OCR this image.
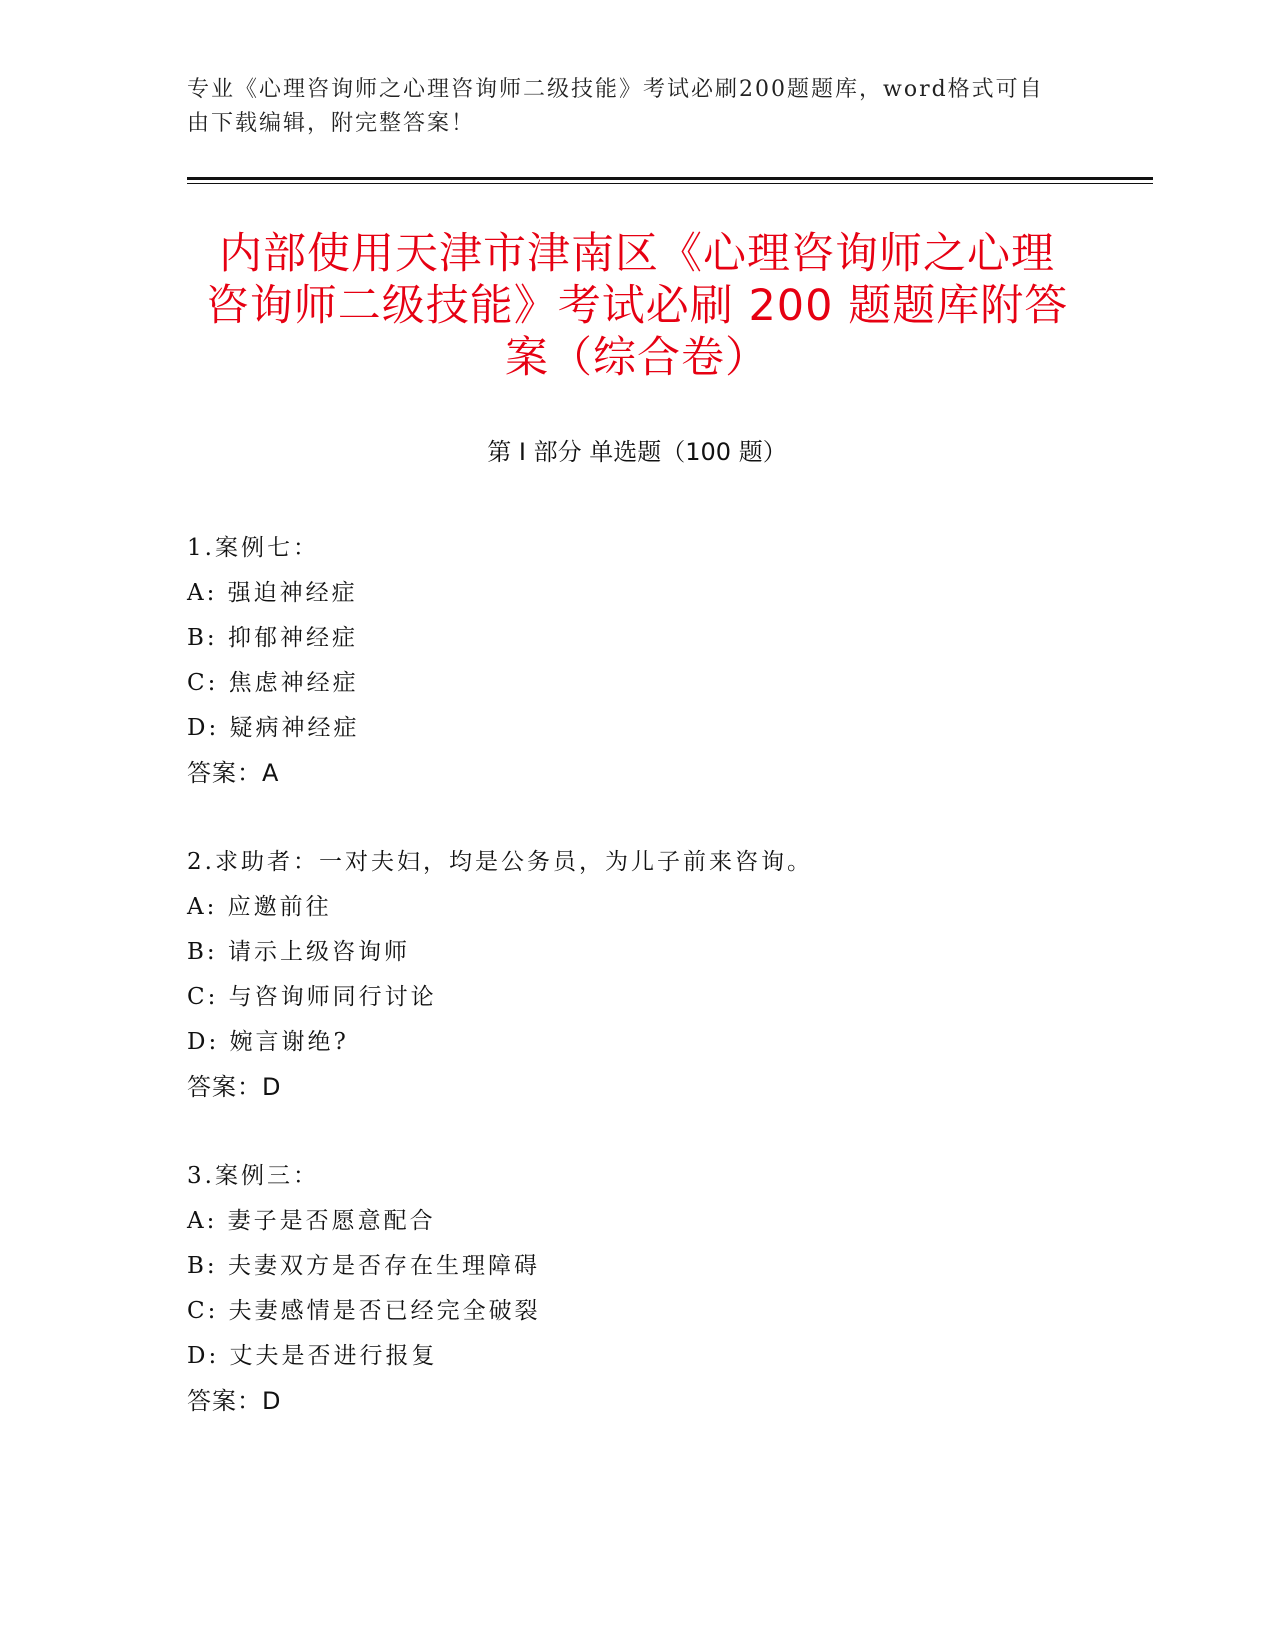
专业《心理咨询师之心理咨询师二级技能》考试必刷200题题库，word格式可自
由下载编辑，附完整答案！
内部使用天津市津南区《心理咨询师之心理
咨询师二级技能》考试必刷 200 题题库附答
案（综合卷）
第 I 部分 单选题（100 题）
1.案例七：
A: 强迫神经症
B: 抑郁神经症
C: 焦虑神经症
D: 疑病神经症
答案：A
2.求助者：一对夫妇，均是公务员，为儿子前来咨询。
A: 应邀前往
B: 请示上级咨询师
C: 与咨询师同行讨论
D: 婉言谢绝?
答案：D
3.案例三：
A: 妻子是否愿意配合
B: 夫妻双方是否存在生理障碍
C: 夫妻感情是否已经完全破裂
D: 丈夫是否进行报复
答案：D
